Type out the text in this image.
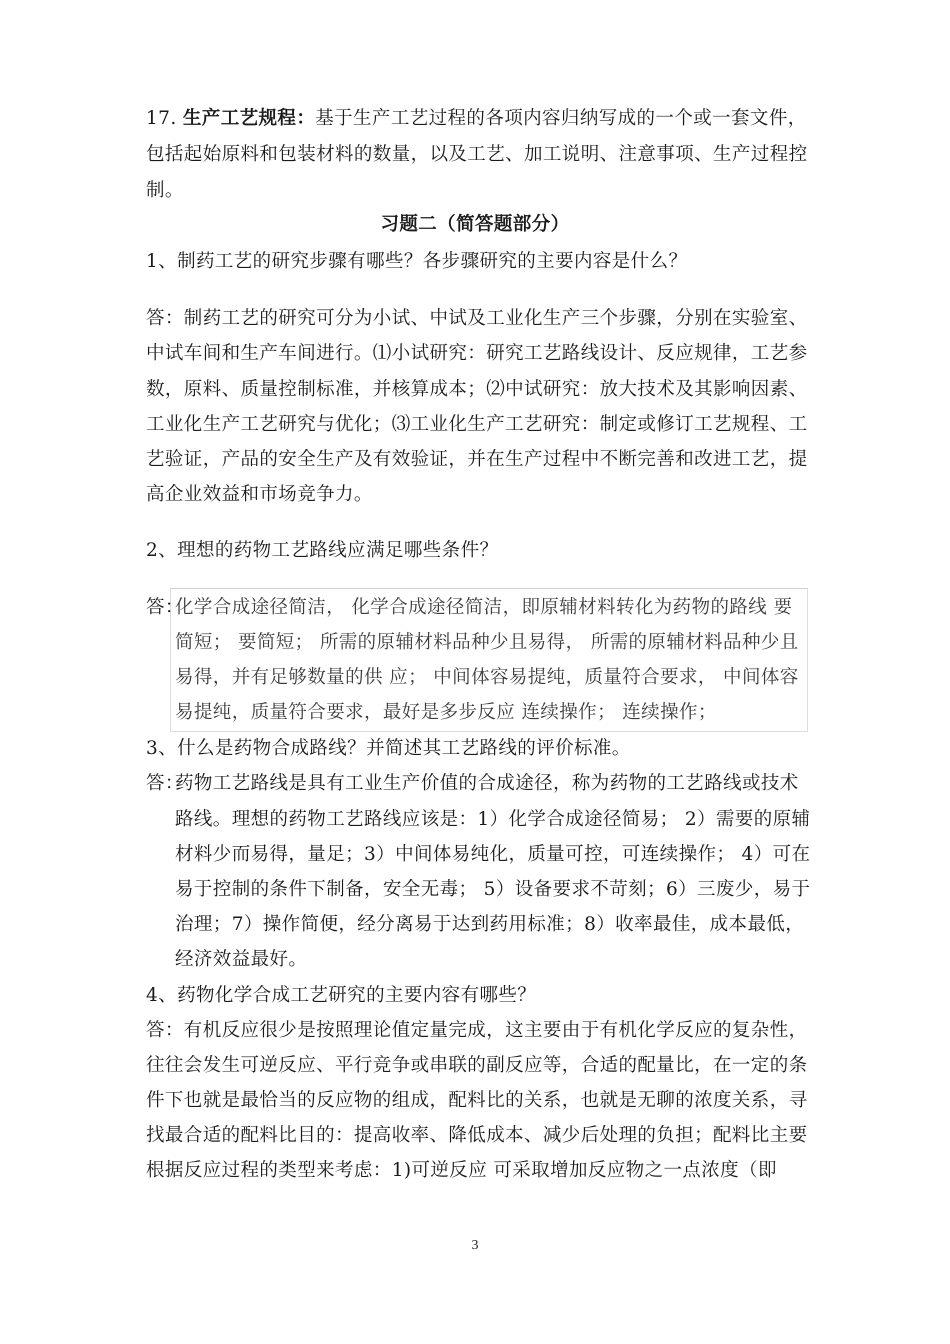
17. 生产工艺规程：基于生产工艺过程的各项内容归纳写成的一个或一套文件，
包括起始原料和包装材料的数量，以及工艺、加工说明、注意事项、生产过程控
制。
习题二（简答题部分）
1、制药工艺的研究步骤有哪些？各步骤研究的主要内容是什么？
答：制药工艺的研究可分为小试、中试及工业化生产三个步骤，分别在实验室、
中试车间和生产车间进行。⑴小试研究：研究工艺路线设计、反应规律，工艺参
数，原料、质量控制标准，并核算成本；⑵中试研究：放大技术及其影响因素、
工业化生产工艺研究与优化；⑶工业化生产工艺研究：制定或修订工艺规程、工
艺验证，产品的安全生产及有效验证，并在生产过程中不断完善和改进工艺，提
高企业效益和市场竞争力。
2、理想的药物工艺路线应满足哪些条件？
答：
化学合成途径简洁， 化学合成途径简洁，即原辅材料转化为药物的路线 要
简短； 要简短； 所需的原辅材料品种少且易得， 所需的原辅材料品种少且
易得，并有足够数量的供 应； 中间体容易提纯，质量符合要求， 中间体容
易提纯，质量符合要求，最好是多步反应 连续操作； 连续操作；
3、什么是药物合成路线？并简述其工艺路线的评价标准。
答：
药物工艺路线是具有工业生产价值的合成途径，称为药物的工艺路线或技术
路线。理想的药物工艺路线应该是：1）化学合成途径简易； 2）需要的原辅
材料少而易得，量足；3）中间体易纯化，质量可控，可连续操作； 4）可在
易于控制的条件下制备，安全无毒； 5）设备要求不苛刻；6）三废少，易于
治理；7）操作简便，经分离易于达到药用标准；8）收率最佳，成本最低，
经济效益最好。
4、药物化学合成工艺研究的主要内容有哪些？
答：有机反应很少是按照理论值定量完成，这主要由于有机化学反应的复杂性，
往往会发生可逆反应、平行竞争或串联的副反应等，合适的配量比，在一定的条
件下也就是最恰当的反应物的组成，配料比的关系，也就是无聊的浓度关系，寻
找最合适的配料比目的：提高收率、降低成本、减少后处理的负担；配料比主要
根据反应过程的类型来考虑：1)可逆反应 可采取增加反应物之一点浓度（即
3
